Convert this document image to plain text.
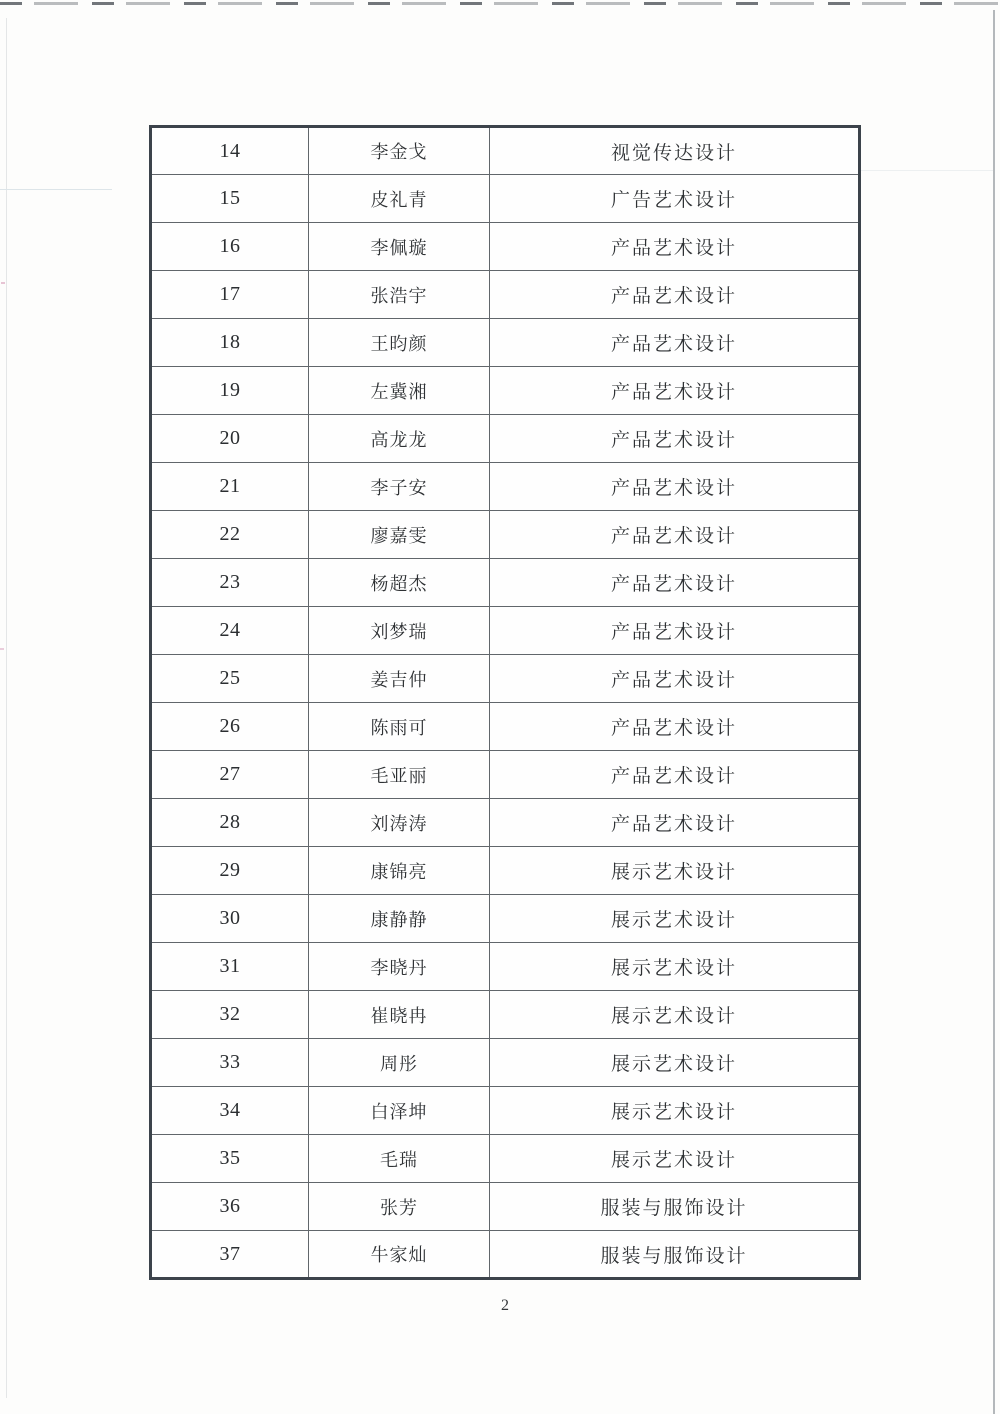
14	李金戈	视觉传达设计
15	皮礼青	广告艺术设计
16	李佩璇	产品艺术设计
17	张浩宇	产品艺术设计
18	王昀颜	产品艺术设计
19	左冀湘	产品艺术设计
20	高龙龙	产品艺术设计
21	李子安	产品艺术设计
22	廖嘉雯	产品艺术设计
23	杨超杰	产品艺术设计
24	刘梦瑞	产品艺术设计
25	姜吉仲	产品艺术设计
26	陈雨可	产品艺术设计
27	毛亚丽	产品艺术设计
28	刘涛涛	产品艺术设计
29	康锦亮	展示艺术设计
30	康静静	展示艺术设计
31	李晓丹	展示艺术设计
32	崔晓冉	展示艺术设计
33	周彤	展示艺术设计
34	白泽坤	展示艺术设计
35	毛瑞	展示艺术设计
36	张芳	服装与服饰设计
37	牛家灿	服装与服饰设计
2
